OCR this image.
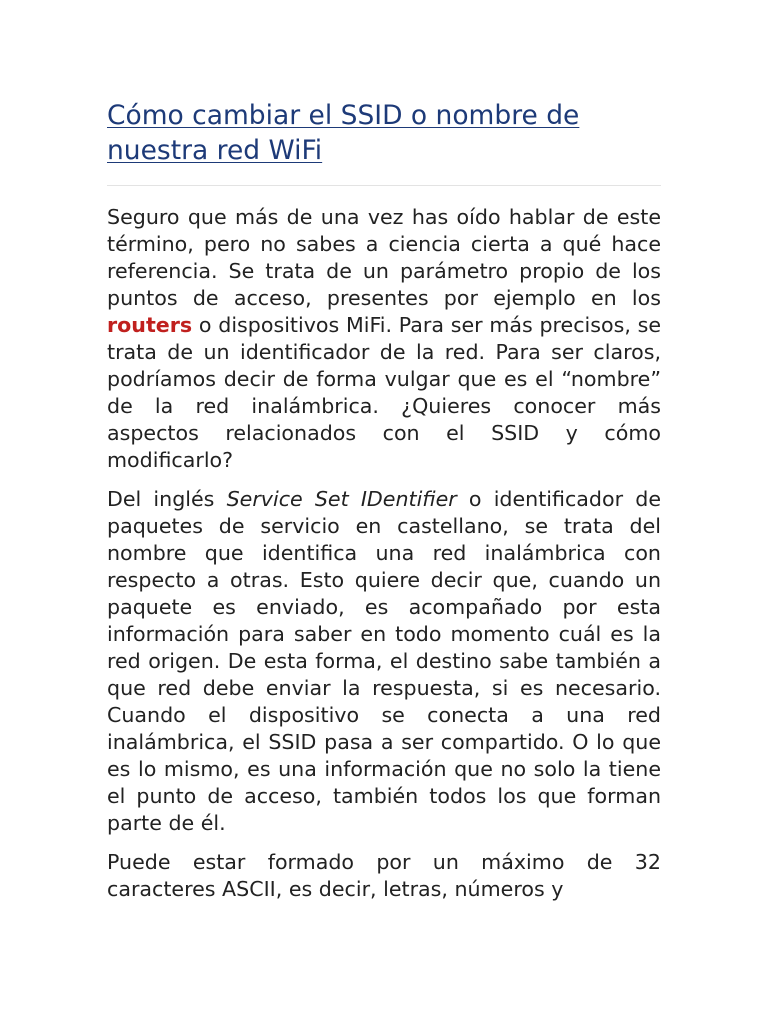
Cómo cambiar el SSID o nombre de
nuestra red WiFi

Seguro que más de una vez has oído hablar de este término, pero no sabes a ciencia cierta a qué hace referencia. Se trata de un parámetro propio de los puntos de acceso, presentes por ejemplo en los routers o dispositivos MiFi. Para ser más precisos, se trata de un identificador de la red. Para ser claros, podríamos decir de forma vulgar que es el “nombre” de la red inalámbrica. ¿Quieres conocer más aspectos relacionados con el SSID y cómo modificarlo?

Del inglés Service Set IDentifier o identificador de paquetes de servicio en castellano, se trata del nombre que identifica una red inalámbrica con respecto a otras. Esto quiere decir que, cuando un paquete es enviado, es acompañado por esta información para saber en todo momento cuál es la red origen. De esta forma, el destino sabe también a que red debe enviar la respuesta, si es necesario. Cuando el dispositivo se conecta a una red inalámbrica, el SSID pasa a ser compartido. O lo que es lo mismo, es una información que no solo la tiene el punto de acceso, también todos los que forman parte de él.

Puede estar formado por un máximo de 32 caracteres ASCII, es decir, letras, números y
